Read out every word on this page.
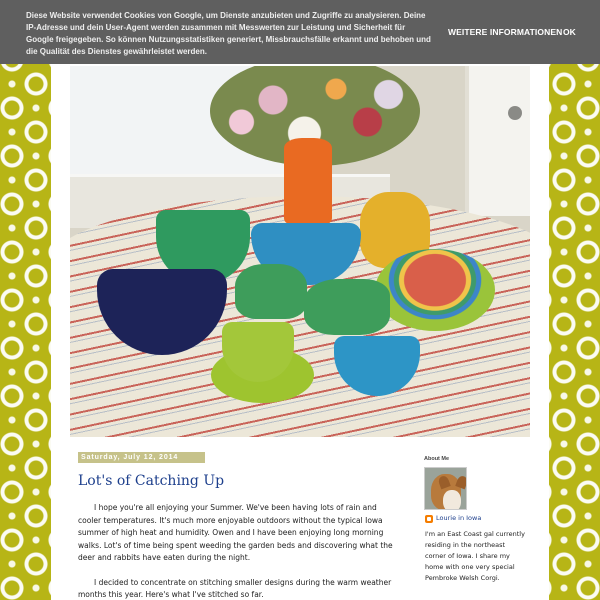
Diese Website verwendet Cookies von Google, um Dienste anzubieten und Zugriffe zu analysieren. Deine IP-Adresse und dein User-Agent werden zusammen mit Messwerten zur Leistung und Sicherheit für Google freigegeben. So können Nutzungsstatistiken generiert, Missbrauchsfälle erkannt und behoben und die Qualität des Dienstes gewährleistet werden.
WEITERE INFORMATIONEN OK
Saturday, July 12, 2014
Lot's of Catching Up

I hope you're all enjoying your Summer. We've been having lots of rain and cooler temperatures. It's much more enjoyable outdoors without the typical Iowa summer of high heat and humidity. Owen and I have been enjoying long morning walks. Lot's of time being spent weeding the garden beds and discovering what the deer and rabbits have eaten during the night.

I decided to concentrate on stitching smaller designs during the warm weather months this year. Here's what I've stitched so far.

About Me
Lourie in Iowa
I'm an East Coast gal currently residing in the northeast corner of Iowa. I share my home with one very special Pembroke Welsh Corgi.
